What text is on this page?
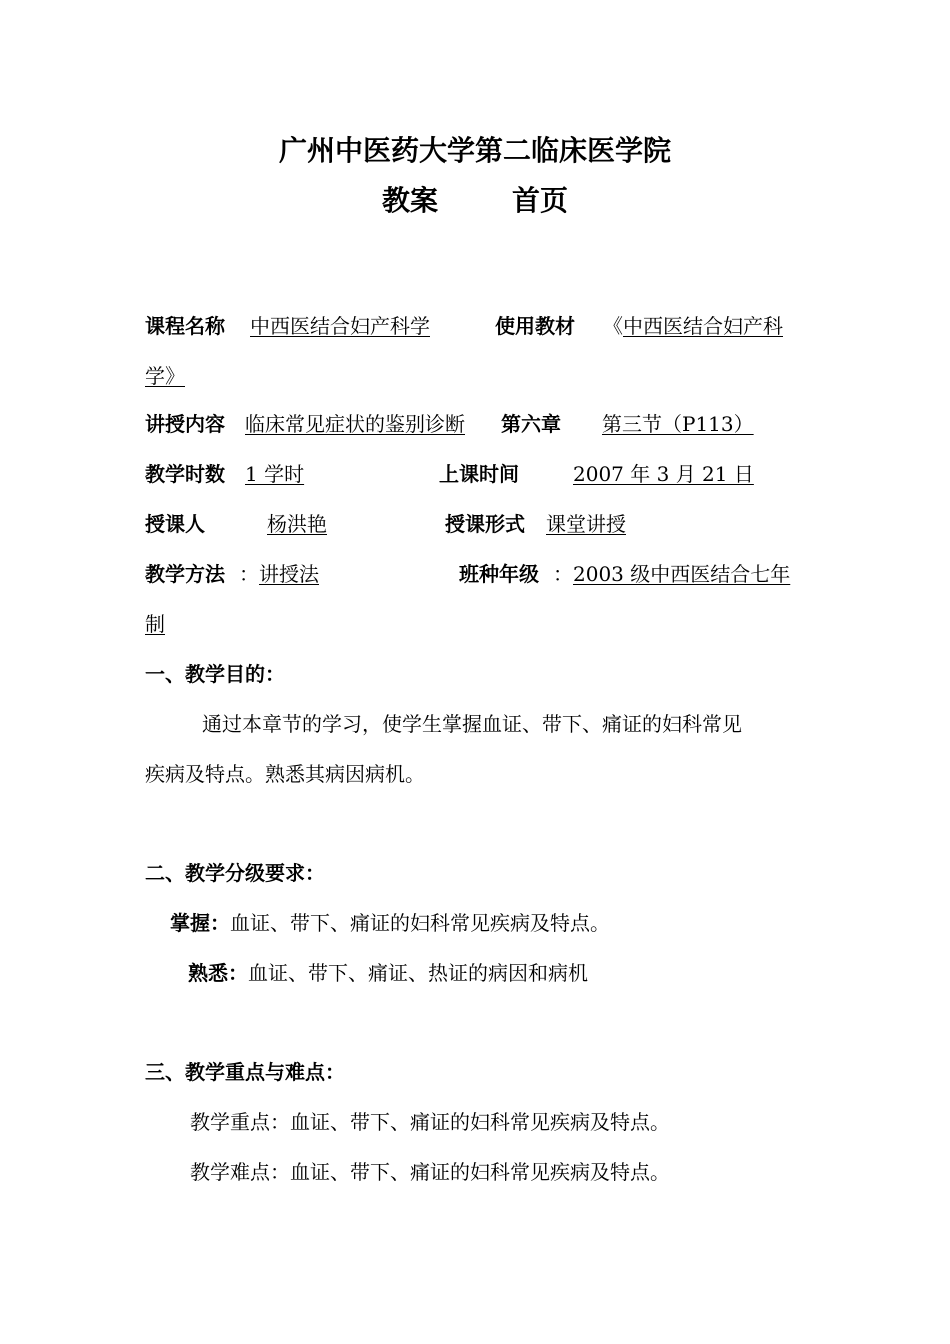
广州中医药大学第二临床医学院
教案	首页
课程名称 中西医结合妇产科学	使用教材 《 中西医结合妇产科
学》
讲授内容 临床常见症状的鉴别诊断 第六章 第三节（P113）
教学时数 1 学时	上课时间	2007 年 3 月 21 日
授课人	杨洪艳	授课形式 课堂讲授
教学方法 ： 讲授法	班种年级 ： 2003 级中西医结合七年
制
一、教学目的：
通过本章节的学习，使学生掌握血证、带下、痛证的妇科常见
疾病及特点。熟悉其病因病机。
二、教学分级要求：
掌握：血证、带下、痛证的妇科常见疾病及特点。
熟悉：血证、带下、痛证、热证的病因和病机
三、教学重点与难点：
教学重点：血证、带下、痛证的妇科常见疾病及特点。
教学难点：血证、带下、痛证的妇科常见疾病及特点。
